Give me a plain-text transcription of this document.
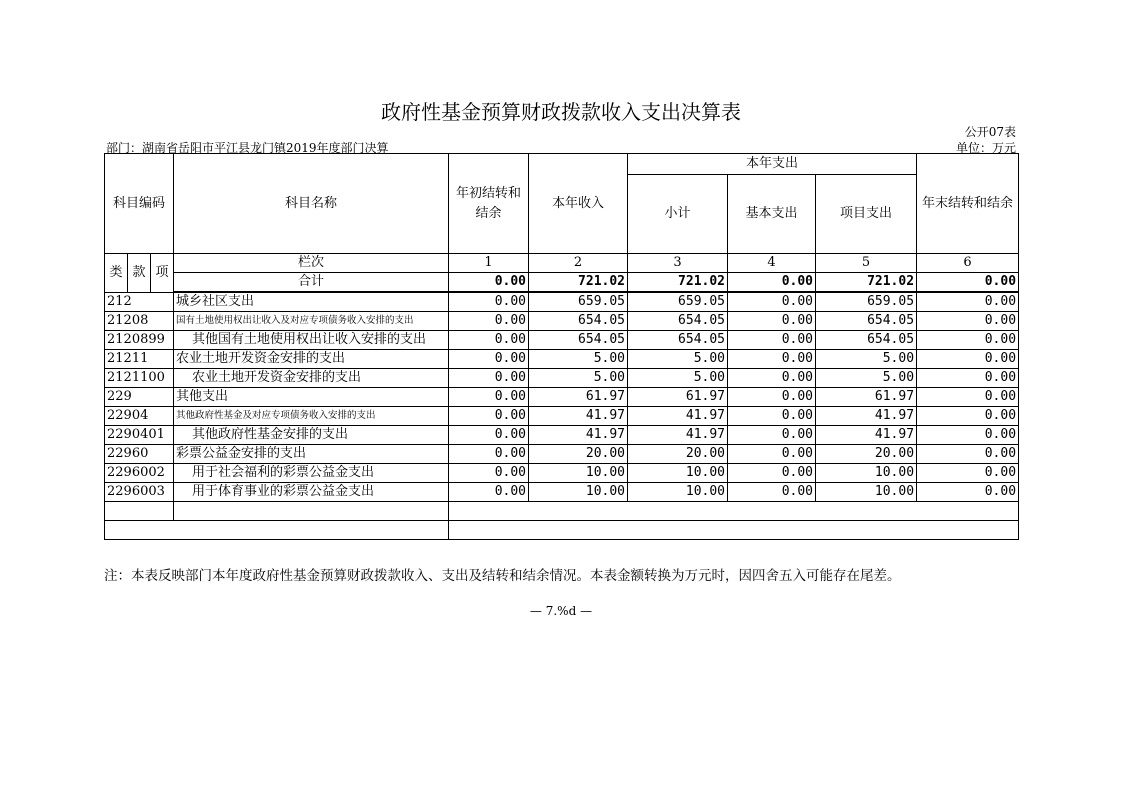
政府性基金预算财政拨款收入支出决算表
公开07表
部门：湖南省岳阳市平江县龙门镇2019年度部门决算	单位：万元
科目编码			科目名称	年初结转和结余	本年收入	本年支出			年末结转和结余
						小计	基本支出	项目支出	
类	款	项	栏次	1	2	3	4	5	6
			合计	0.00	721.02	721.02	0.00	721.02	0.00
212			城乡社区支出	0.00	659.05	659.05	0.00	659.05	0.00
21208			国有土地使用权出让收入及对应专项债务收入安排的支出	0.00	654.05	654.05	0.00	654.05	0.00
2120899			其他国有土地使用权出让收入安排的支出	0.00	654.05	654.05	0.00	654.05	0.00
21211			农业土地开发资金安排的支出	0.00	5.00	5.00	0.00	5.00	0.00
2121100			农业土地开发资金安排的支出	0.00	5.00	5.00	0.00	5.00	0.00
229			其他支出	0.00	61.97	61.97	0.00	61.97	0.00
22904			其他政府性基金及对应专项债务收入安排的支出	0.00	41.97	41.97	0.00	41.97	0.00
2290401			其他政府性基金安排的支出	0.00	41.97	41.97	0.00	41.97	0.00
22960			彩票公益金安排的支出	0.00	20.00	20.00	0.00	20.00	0.00
2296002			用于社会福利的彩票公益金支出	0.00	10.00	10.00	0.00	10.00	0.00
2296003			用于体育事业的彩票公益金支出	0.00	10.00	10.00	0.00	10.00	0.00

注：本表反映部门本年度政府性基金预算财政拨款收入、支出及结转和结余情况。本表金额转换为万元时，因四舍五入可能存在尾差。
— 7.%d —
